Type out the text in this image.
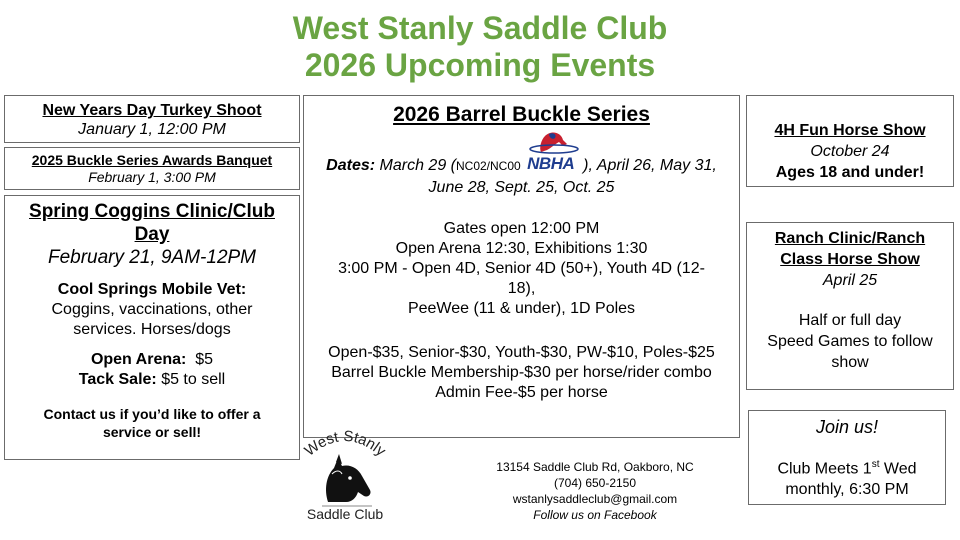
West Stanly Saddle Club
2026 Upcoming Events

New Years Day Turkey Shoot

January 1, 12:00 PM

2025 Buckle Series Awards Banquet

February 1, 3:00 PM

Spring Coggins Clinic/Club Day

February 21, 9AM-12PM

Cool Springs Mobile Vet:
Coggins, vaccinations, other services. Horses/dogs

Open Arena: $5

Tack Sale: $5 to sell

Contact us if you’d like to offer a service or sell!

2026 Barrel Buckle Series

Dates: March 29 (NC02/NC00 NBHA ), April 26, May 31, June 28, Sept. 25, Oct. 25

Gates open 12:00 PM

Open Arena 12:30, Exhibitions 1:30

3:00 PM - Open 4D, Senior 4D (50+), Youth 4D (12-18),

PeeWee (11 & under), 1D Poles

Open-$35, Senior-$30, Youth-$30, PW-$10, Poles-$25

Barrel Buckle Membership-$30 per horse/rider combo

Admin Fee-$5 per horse

4H Fun Horse Show

October 24

Ages 18 and under!

Ranch Clinic/Ranch Class Horse Show

April 25

Half or full day

Speed Games to follow show

Join us!

Club Meets 1st Wed monthly, 6:30 PM

West Stanly
Saddle Club

13154 Saddle Club Rd, Oakboro, NC

(704) 650-2150

wstanlysaddleclub@gmail.com

Follow us on Facebook
